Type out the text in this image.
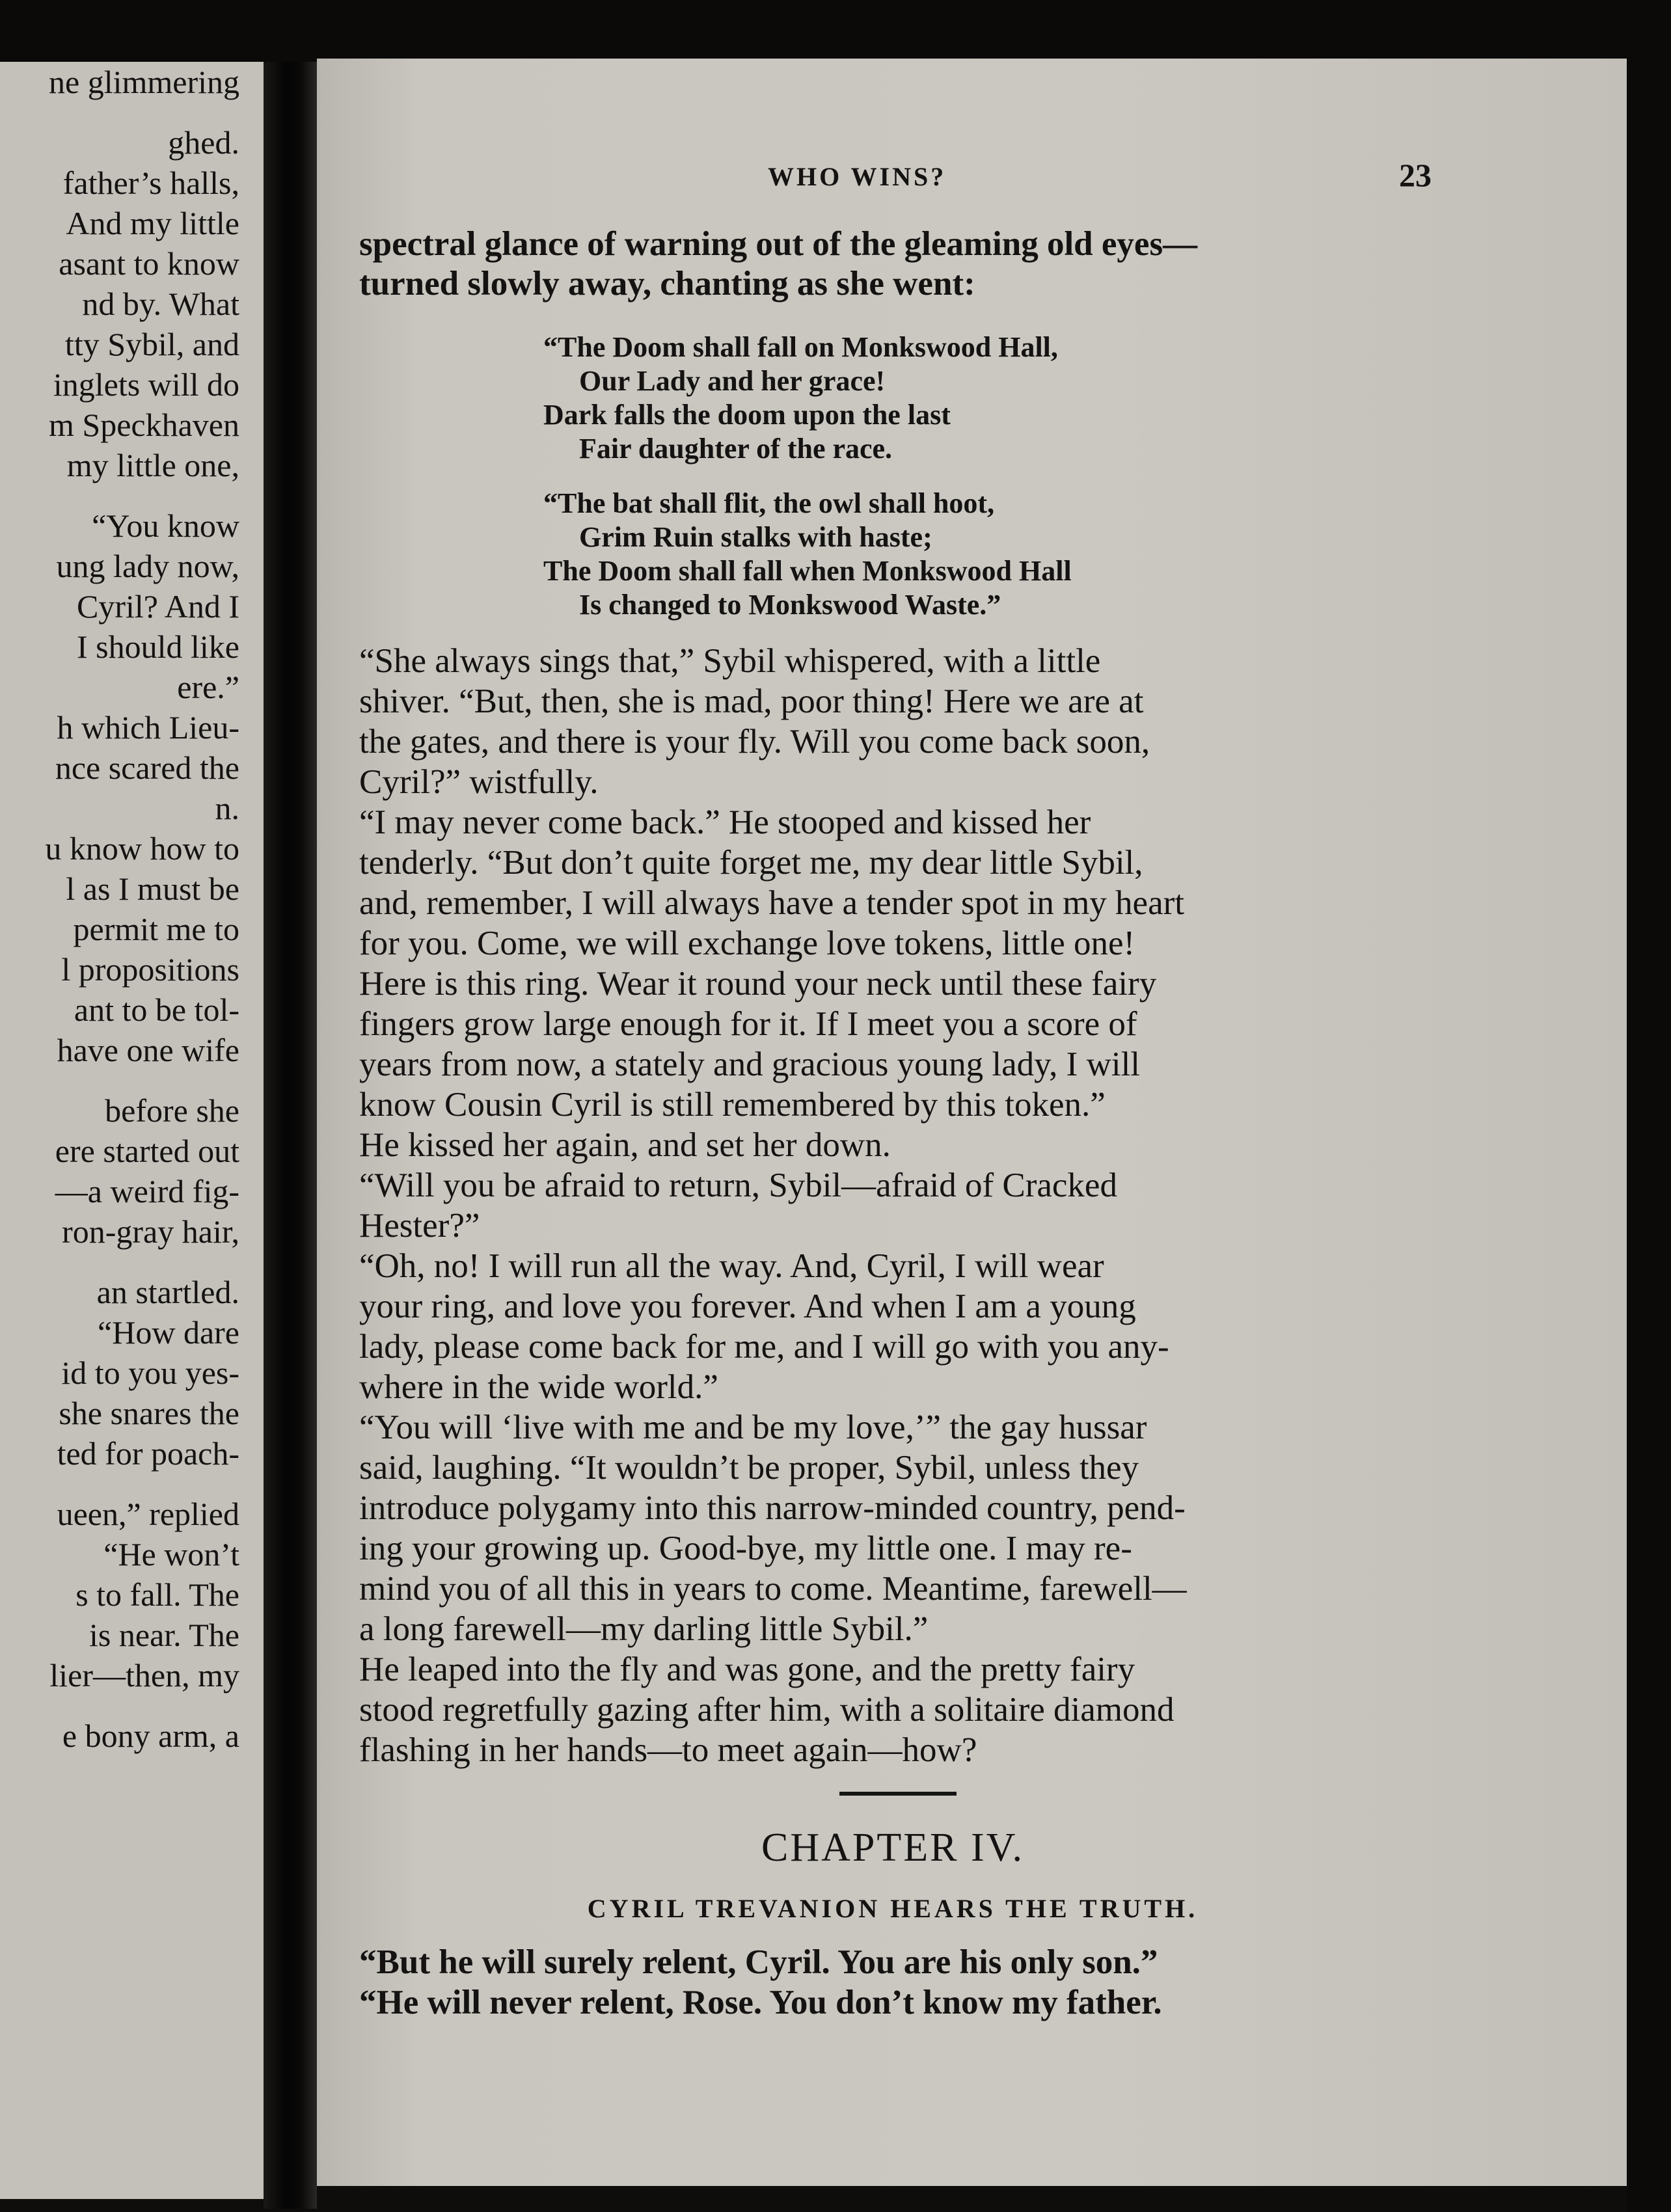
ne glimmering
ghed.
father’s halls,
And my little
asant to know
nd by. What
tty Sybil, and
inglets will do
m Speckhaven
my little one,
“You know
ung lady now,
Cyril? And I
I should like
ere.”
h which Lieu-
nce scared the
n.
u know how to
l as I must be
permit me to
l propositions
ant to be tol-
have one wife
before she
ere started out
—a weird fig-
ron-gray hair,
an startled.
“How dare
id to you yes-
she snares the
ted for poach-
ueen,” replied
“He won’t
s to fall. The
is near. The
lier—then, my
e bony arm, a
WHO WINS?	23
spectral glance of warning out of the gleaming old eyes—
turned slowly away, chanting as she went:
“The Doom shall fall on Monkswood Hall,
Our Lady and her grace!
Dark falls the doom upon the last
Fair daughter of the race.
“The bat shall flit, the owl shall hoot,
Grim Ruin stalks with haste;
The Doom shall fall when Monkswood Hall
Is changed to Monkswood Waste.”
“She always sings that,” Sybil whispered, with a little
shiver. “But, then, she is mad, poor thing! Here we are at
the gates, and there is your fly. Will you come back soon,
Cyril?” wistfully.
“I may never come back.” He stooped and kissed her
tenderly. “But don’t quite forget me, my dear little Sybil,
and, remember, I will always have a tender spot in my heart
for you. Come, we will exchange love tokens, little one!
Here is this ring. Wear it round your neck until these fairy
fingers grow large enough for it. If I meet you a score of
years from now, a stately and gracious young lady, I will
know Cousin Cyril is still remembered by this token.”
He kissed her again, and set her down.
“Will you be afraid to return, Sybil—afraid of Cracked
Hester?”
“Oh, no! I will run all the way. And, Cyril, I will wear
your ring, and love you forever. And when I am a young
lady, please come back for me, and I will go with you any-
where in the wide world.”
“You will ‘live with me and be my love,’” the gay hussar
said, laughing. “It wouldn’t be proper, Sybil, unless they
introduce polygamy into this narrow-minded country, pend-
ing your growing up. Good-bye, my little one. I may re-
mind you of all this in years to come. Meantime, farewell—
a long farewell—my darling little Sybil.”
He leaped into the fly and was gone, and the pretty fairy
stood regretfully gazing after him, with a solitaire diamond
flashing in her hands—to meet again—how?
CHAPTER IV.
CYRIL TREVANION HEARS THE TRUTH.
“But he will surely relent, Cyril. You are his only son.”
“He will never relent, Rose. You don’t know my father.
